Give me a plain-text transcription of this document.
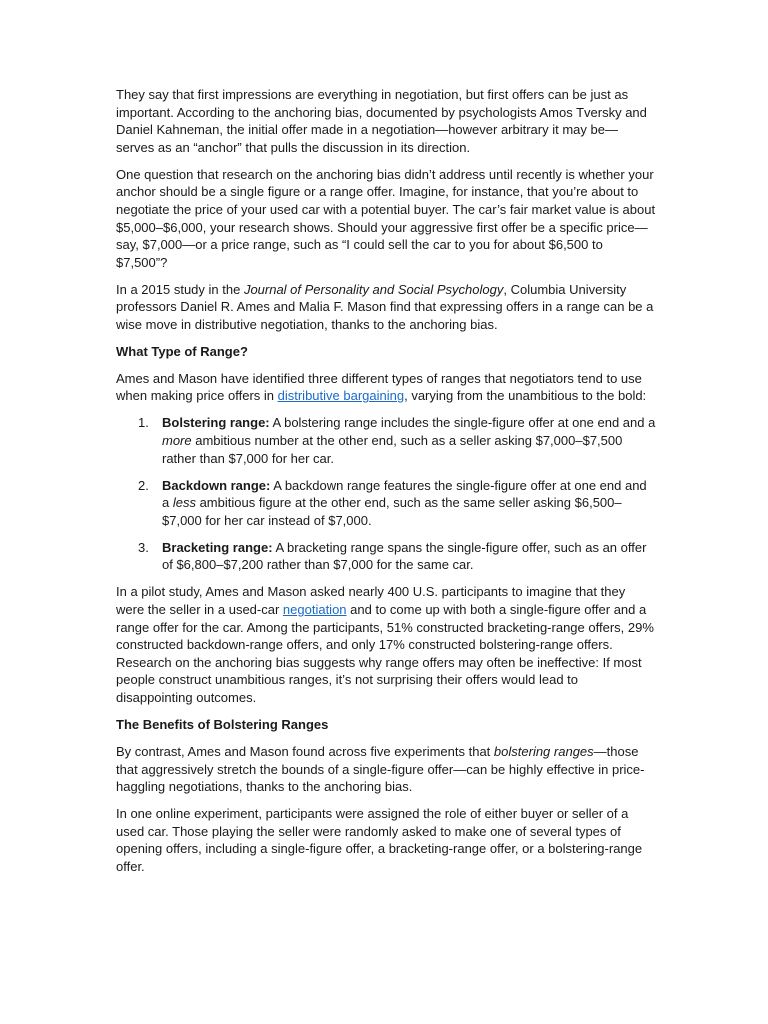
They say that first impressions are everything in negotiation, but first offers can be just as important. According to the anchoring bias, documented by psychologists Amos Tversky and Daniel Kahneman, the initial offer made in a negotiation—however arbitrary it may be—serves as an “anchor” that pulls the discussion in its direction.

One question that research on the anchoring bias didn’t address until recently is whether your anchor should be a single figure or a range offer. Imagine, for instance, that you’re about to negotiate the price of your used car with a potential buyer. The car’s fair market value is about $5,000–$6,000, your research shows. Should your aggressive first offer be a specific price—say, $7,000—or a price range, such as “I could sell the car to you for about $6,500 to $7,500”?

In a 2015 study in the Journal of Personality and Social Psychology, Columbia University professors Daniel R. Ames and Malia F. Mason find that expressing offers in a range can be a wise move in distributive negotiation, thanks to the anchoring bias.

What Type of Range?

Ames and Mason have identified three different types of ranges that negotiators tend to use when making price offers in distributive bargaining, varying from the unambitious to the bold:

1. Bolstering range: A bolstering range includes the single-figure offer at one end and a more ambitious number at the other end, such as a seller asking $7,000–$7,500 rather than $7,000 for her car.
2. Backdown range: A backdown range features the single-figure offer at one end and a less ambitious figure at the other end, such as the same seller asking $6,500–$7,000 for her car instead of $7,000.
3. Bracketing range: A bracketing range spans the single-figure offer, such as an offer of $6,800–$7,200 rather than $7,000 for the same car.

In a pilot study, Ames and Mason asked nearly 400 U.S. participants to imagine that they were the seller in a used-car negotiation and to come up with both a single-figure offer and a range offer for the car. Among the participants, 51% constructed bracketing-range offers, 29% constructed backdown-range offers, and only 17% constructed bolstering-range offers. Research on the anchoring bias suggests why range offers may often be ineffective: If most people construct unambitious ranges, it’s not surprising their offers would lead to disappointing outcomes.

The Benefits of Bolstering Ranges

By contrast, Ames and Mason found across five experiments that bolstering ranges—those that aggressively stretch the bounds of a single-figure offer—can be highly effective in price-haggling negotiations, thanks to the anchoring bias.

In one online experiment, participants were assigned the role of either buyer or seller of a used car. Those playing the seller were randomly asked to make one of several types of opening offers, including a single-figure offer, a bracketing-range offer, or a bolstering-range offer.
